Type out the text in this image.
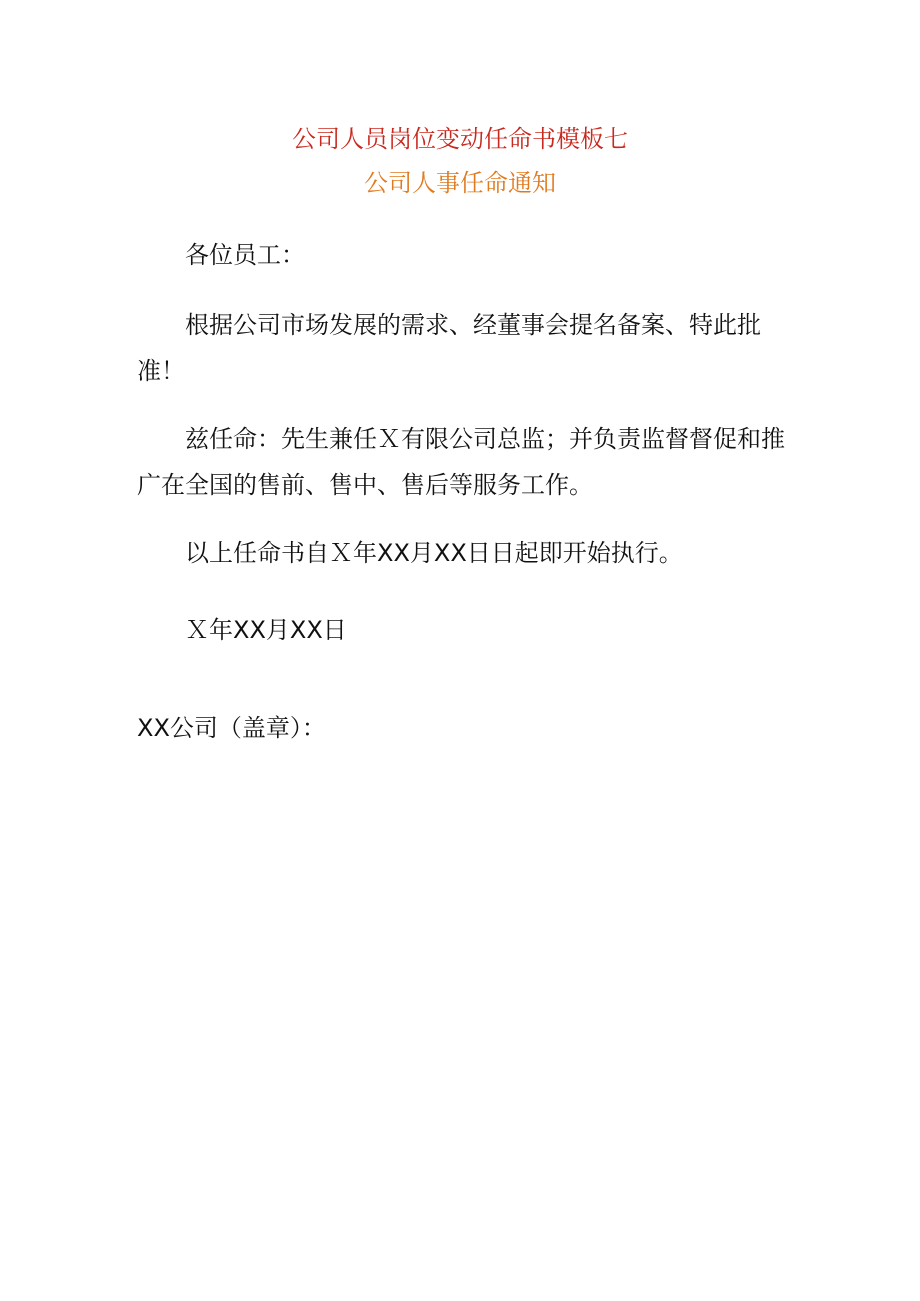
公司人员岗位变动任命书模板七
公司人事任命通知

各位员工：

根据公司市场发展的需求、经董事会提名备案、特此批准！

兹任命：先生兼任Ｘ有限公司总监；并负责监督督促和推广在全国的售前、售中、售后等服务工作。

以上任命书自Ｘ年XX月XX日日起即开始执行。

Ｘ年XX月XX日

XX公司（盖章）：
